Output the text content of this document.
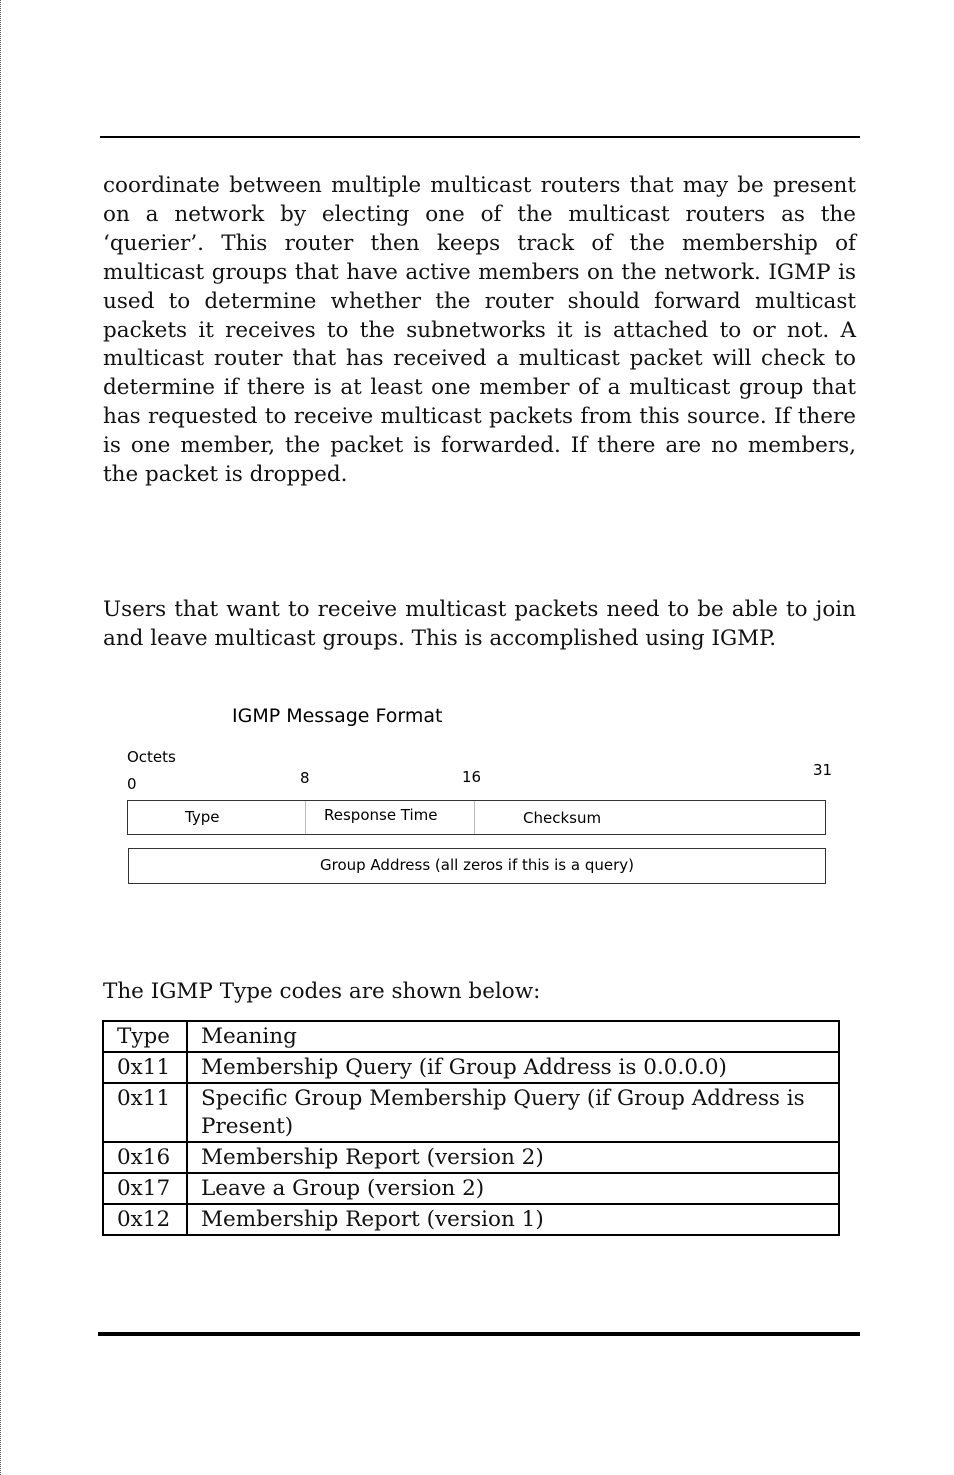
coordinate between multiple multicast routers that may be present on a network by electing one of the multicast routers as the ‘querier’. This router then keeps track of the membership of multicast groups that have active members on the network. IGMP is used to determine whether the router should forward multicast packets it receives to the subnetworks it is attached to or not. A multicast router that has received a multicast packet will check to determine if there is at least one member of a multicast group that has requested to receive multicast packets from this source. If there is one member, the packet is forwarded. If there are no members, the packet is dropped.

Users that want to receive multicast packets need to be able to join and leave multicast groups. This is accomplished using IGMP.

IGMP Message Format
Octets
0	8	16	31
Type	Response Time	Checksum
Group Address (all zeros if this is a query)

The IGMP Type codes are shown below:

Type	Meaning
0x11	Membership Query (if Group Address is 0.0.0.0)
0x11	Specific Group Membership Query (if Group Address is Present)
0x16	Membership Report (version 2)
0x17	Leave a Group (version 2)
0x12	Membership Report (version 1)
